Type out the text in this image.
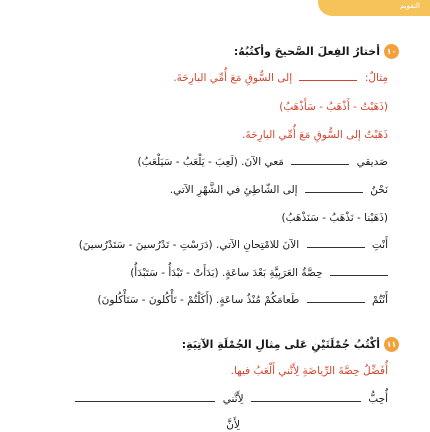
التقويم
١٠
أختارُ الفِعلَ الصَّحيحَ وأكتُبُهُ:
مِثالٌ:  إلى السُّوقِ مَعَ أُمِّي البارِحَةَ.
(ذَهَبْتُ - أَذْهَبُ - سَأَذْهَبُ)
ذَهَبْتُ إلى السُّوقِ مَعَ أُمِّي البارِحَةَ.
صَديقي  مَعي الآنَ. (لَعِبَ - يَلْعَبُ - سَيَلْعَبُ)
نَحْنُ  إلى الشّاطِئِ في الشَّهْرِ الآتي.
(ذَهَبْنا - نَذْهَبُ - سَنَذْهَبُ)
أَنْتِ  الآنَ للامْتِحانِ الآتي. (دَرَسْتِ - تَدْرُسينَ - سَتَدْرُسينَ)
حِصَّةُ العَرَبِيَّةِ بَعْدَ ساعَةٍ. (بَدَأَتْ - تَبْدَأُ - سَتَبْدَأُ)
أَنْتُمْ  طَعامَكُمْ مُنْذُ ساعَةٍ. (أَكَلْتُمْ - تَأْكُلونَ - سَتَأْكُلونَ)
١١
أكْتُبُ جُمْلَتَيْنِ عَلى مِثالِ الجُمْلَةِ الآتِيَةِ:
أُفَضِّلُ حِصَّةَ الرِّياضَةِ لِأَنَّني أَلْعَبُ فيها.
أُحِبُّ  لِأَنَّني
لِأَنَّ
